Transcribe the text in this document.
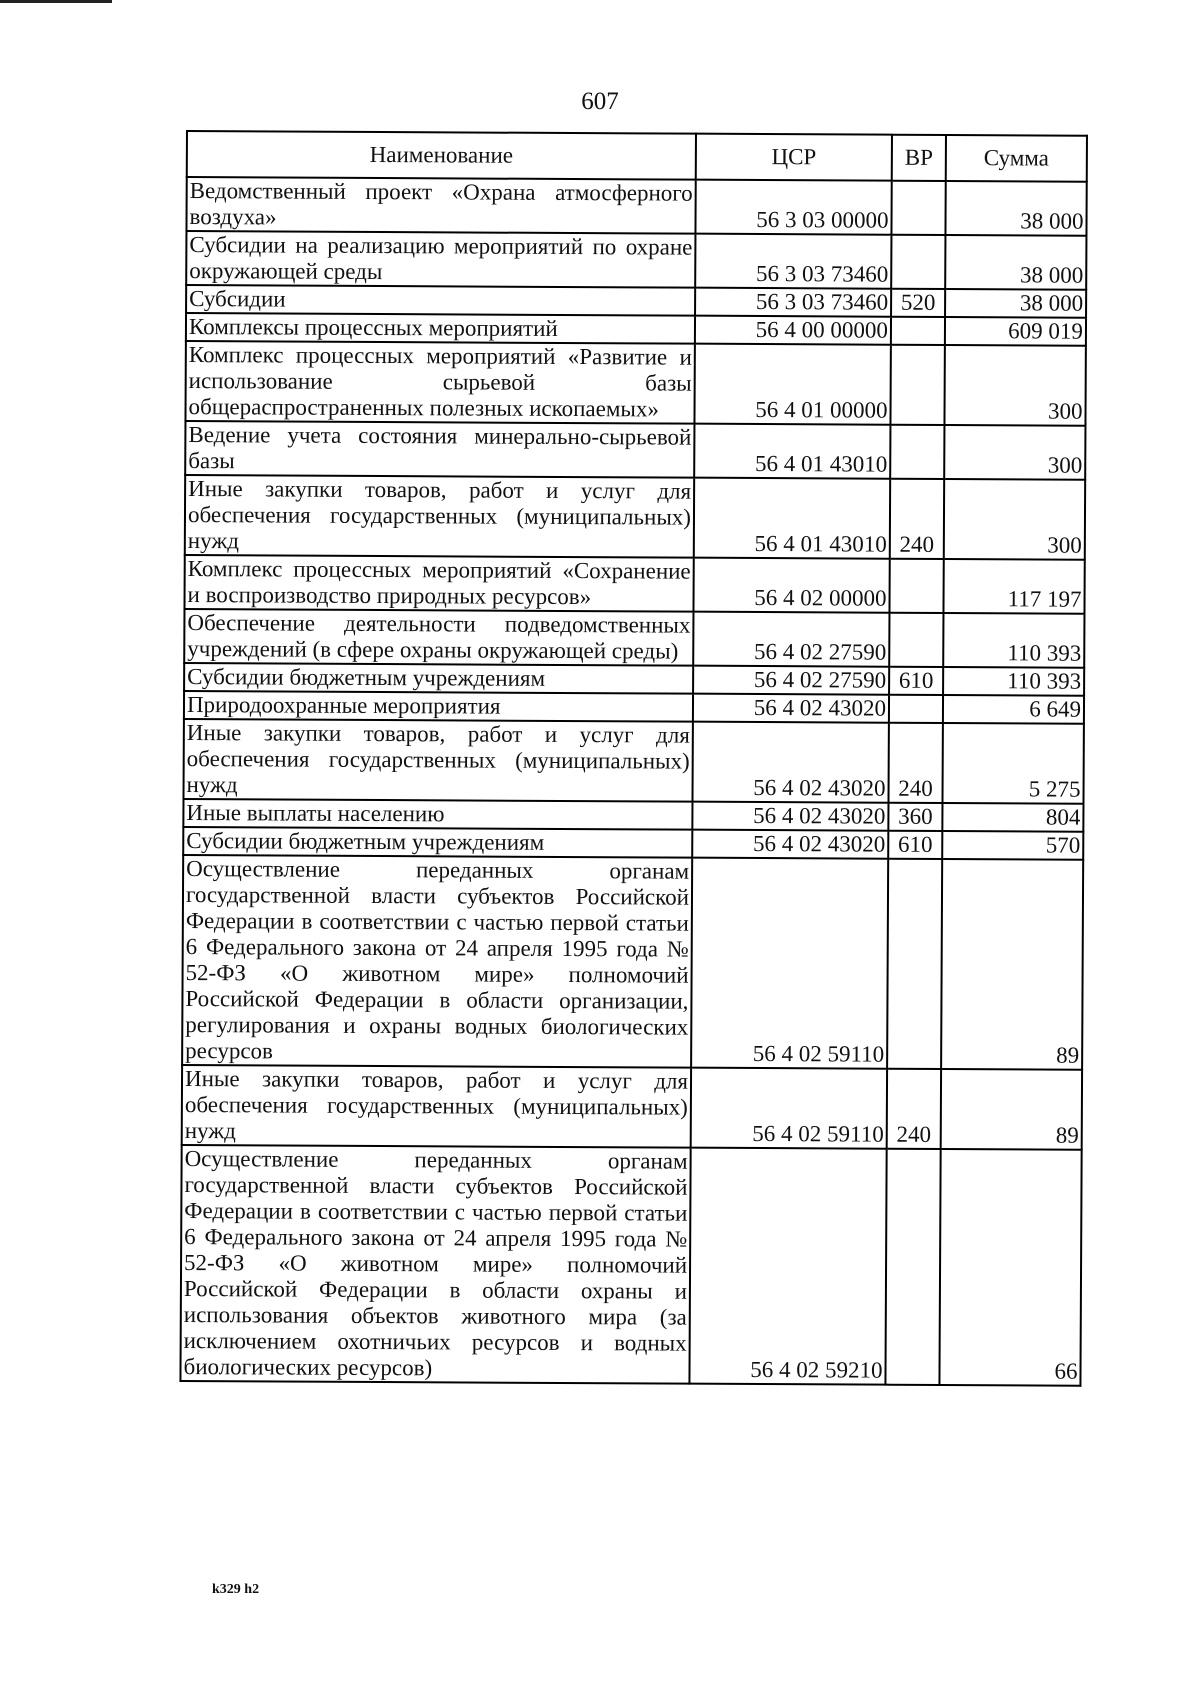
607
Наименование	ЦСР	ВР	Сумма
Ведомственный проект «Охрана атмосферного воздуха»	56 3 03 00000		38 000
Субсидии на реализацию мероприятий по охране окружающей среды	56 3 03 73460		38 000
Субсидии	56 3 03 73460	520	38 000
Комплексы процессных мероприятий	56 4 00 00000		609 019
Комплекс процессных мероприятий «Развитие и использование сырьевой базы общераспространенных полезных ископаемых»	56 4 01 00000		300
Ведение учета состояния минерально-сырьевой базы	56 4 01 43010		300
Иные закупки товаров, работ и услуг для обеспечения государственных (муниципальных) нужд	56 4 01 43010	240	300
Комплекс процессных мероприятий «Сохранение и воспроизводство природных ресурсов»	56 4 02 00000		117 197
Обеспечение деятельности подведомственных учреждений (в сфере охраны окружающей среды)	56 4 02 27590		110 393
Субсидии бюджетным учреждениям	56 4 02 27590	610	110 393
Природоохранные мероприятия	56 4 02 43020		6 649
Иные закупки товаров, работ и услуг для обеспечения государственных (муниципальных) нужд	56 4 02 43020	240	5 275
Иные выплаты населению	56 4 02 43020	360	804
Субсидии бюджетным учреждениям	56 4 02 43020	610	570
Осуществление переданных органам государственной власти субъектов Российской Федерации в соответствии с частью первой статьи 6 Федерального закона от 24 апреля 1995 года № 52-ФЗ «О животном мире» полномочий Российской Федерации в области организации, регулирования и охраны водных биологических ресурсов	56 4 02 59110		89
Иные закупки товаров, работ и услуг для обеспечения государственных (муниципальных) нужд	56 4 02 59110	240	89
Осуществление переданных органам государственной власти субъектов Российской Федерации в соответствии с частью первой статьи 6 Федерального закона от 24 апреля 1995 года № 52-ФЗ «О животном мире» полномочий Российской Федерации в области охраны и использования объектов животного мира (за исключением охотничьих ресурсов и водных биологических ресурсов)	56 4 02 59210		66
k329 h2
